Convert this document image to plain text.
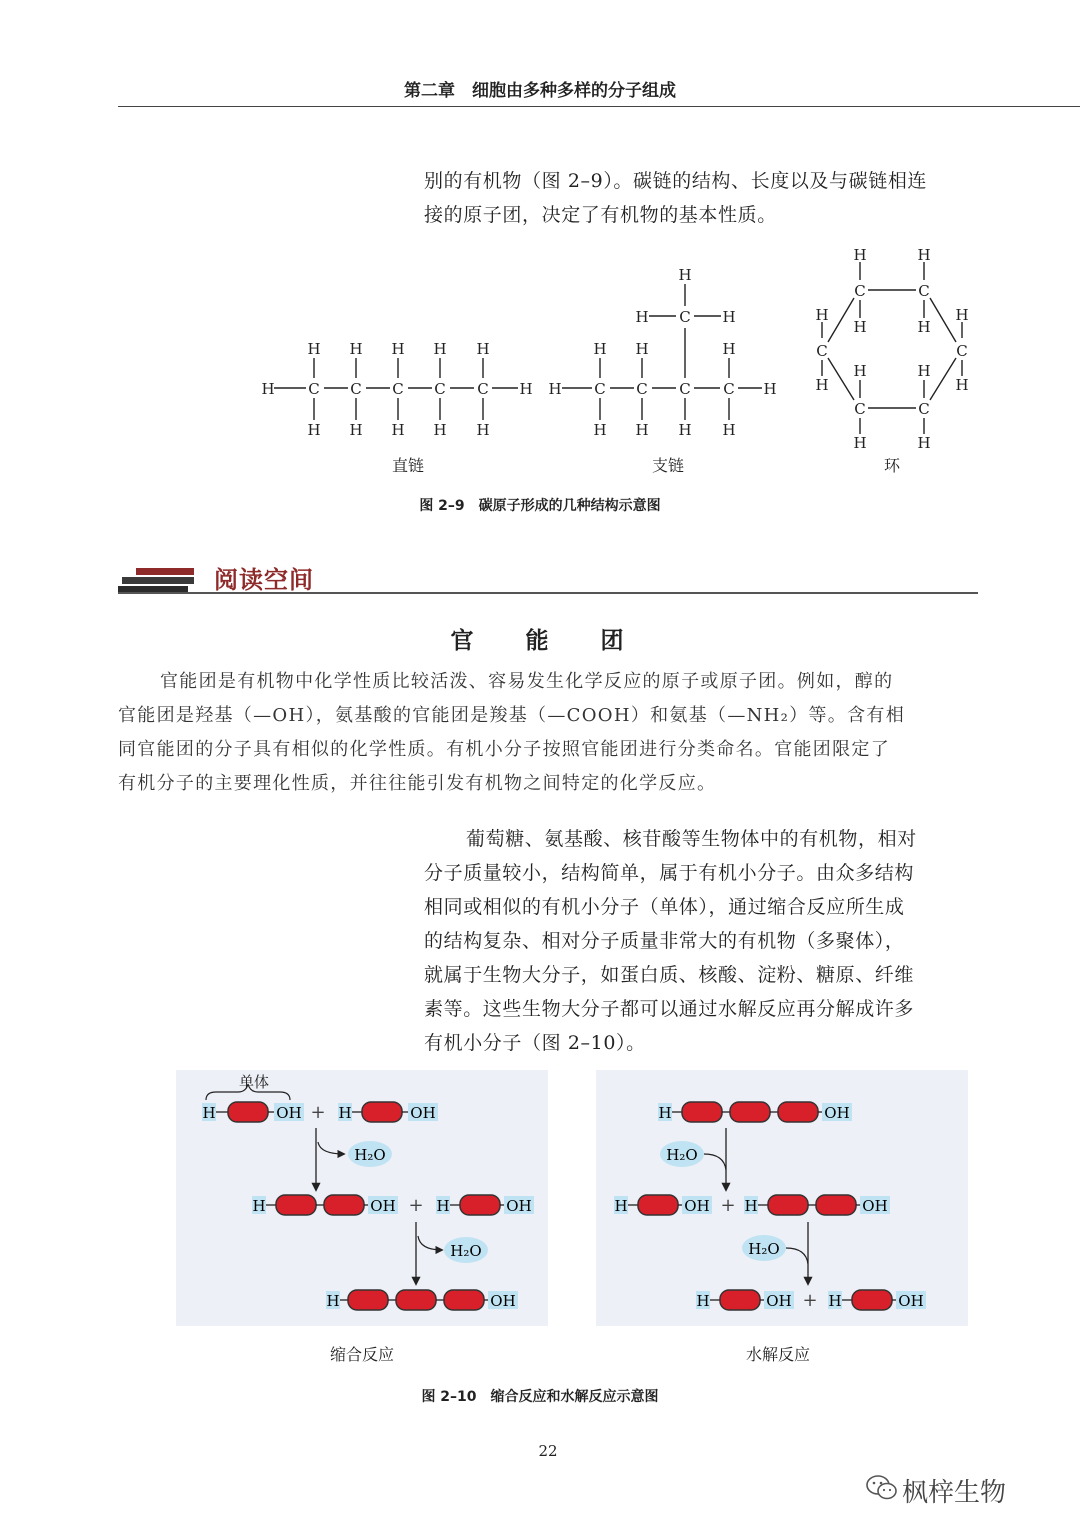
第二章　细胞由多种多样的分子组成
别的有机物（图 2–9）。碳链的结构、长度以及与碳链相连
接的原子团，决定了有机物的基本性质。
H C C C C C H
H H H H H
H H H H H
H C C C C H
H H	H
H H H H
H C H
H
C	C
C	C
C	C
H	H
H	H
H	H
H	H
H
H
H
H
直链	支链	环
图 2–9　碳原子形成的几种结构示意图
阅读空间
官 能 团
官能团是有机物中化学性质比较活泼、容易发生化学反应的原子或原子团。例如，醇的
官能团是羟基（—OH），氨基酸的官能团是羧基（—COOH）和氨基（—NH₂）等。含有相
同官能团的分子具有相似的化学性质。有机小分子按照官能团进行分类命名。官能团限定了
有机分子的主要理化性质，并往往能引发有机物之间特定的化学反应。
葡萄糖、氨基酸、核苷酸等生物体中的有机物，相对
分子质量较小，结构简单，属于有机小分子。由众多结构
相同或相似的有机小分子（单体），通过缩合反应所生成
的结构复杂、相对分子质量非常大的有机物（多聚体），
就属于生物大分子，如蛋白质、核酸、淀粉、糖原、纤维
素等。这些生物大分子都可以通过水解反应再分解成许多
有机小分子（图 2–10）。
单体
H	OH + H	OH
H₂O
H	OH + H	OH
H₂O
H	OH
H	OH
H₂O
H	OH + H	OH
H₂O
H	OH + H	OH
缩合反应	水解反应
图 2–10　缩合反应和水解反应示意图
22
枫梓生物
